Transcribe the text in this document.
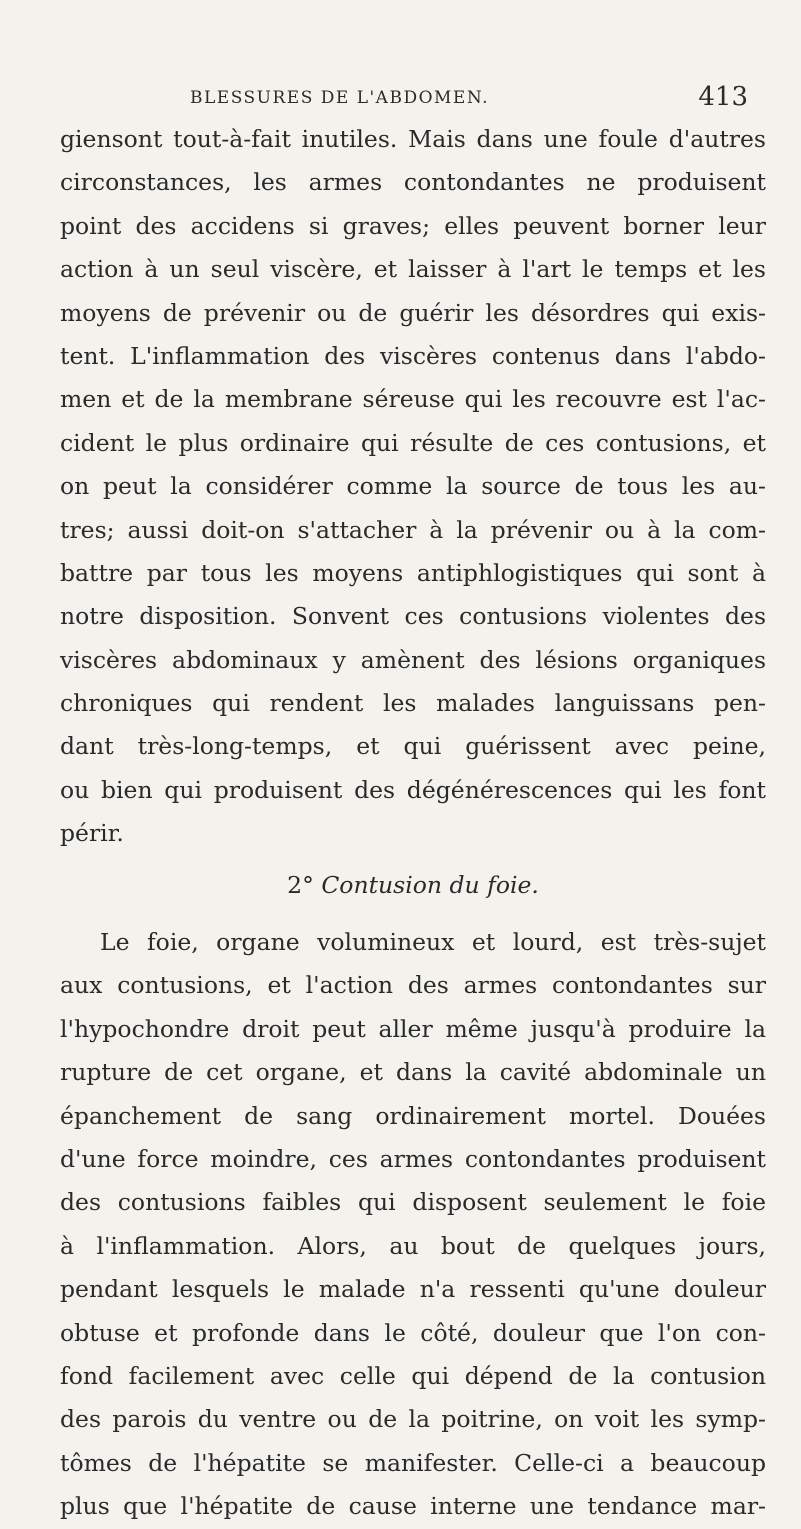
BLESSURES DE L'ABDOMEN.	413
giensont tout-à-fait inutiles. Mais dans une foule d'autres
circonstances, les armes contondantes ne produisent
point des accidens si graves; elles peuvent borner leur
action à un seul viscère, et laisser à l'art le temps et les
moyens de prévenir ou de guérir les désordres qui exis-
tent. L'inflammation des viscères contenus dans l'abdo-
men et de la membrane séreuse qui les recouvre est l'ac-
cident le plus ordinaire qui résulte de ces contusions, et
on peut la considérer comme la source de tous les au-
tres; aussi doit-on s'attacher à la prévenir ou à la com-
battre par tous les moyens antiphlogistiques qui sont à
notre disposition. Sonvent ces contusions violentes des
viscères abdominaux y amènent des lésions organiques
chroniques qui rendent les malades languissans pen-
dant très-long-temps, et qui guérissent avec peine,
ou bien qui produisent des dégénérescences qui les font
périr.
2° Contusion du foie.
Le foie, organe volumineux et lourd, est très-sujet
aux contusions, et l'action des armes contondantes sur
l'hypochondre droit peut aller même jusqu'à produire la
rupture de cet organe, et dans la cavité abdominale un
épanchement de sang ordinairement mortel. Douées
d'une force moindre, ces armes contondantes produisent
des contusions faibles qui disposent seulement le foie
à l'inflammation. Alors, au bout de quelques jours,
pendant lesquels le malade n'a ressenti qu'une douleur
obtuse et profonde dans le côté, douleur que l'on con-
fond facilement avec celle qui dépend de la contusion
des parois du ventre ou de la poitrine, on voit les symp-
tômes de l'hépatite se manifester. Celle-ci a beaucoup
plus que l'hépatite de cause interne une tendance mar-
